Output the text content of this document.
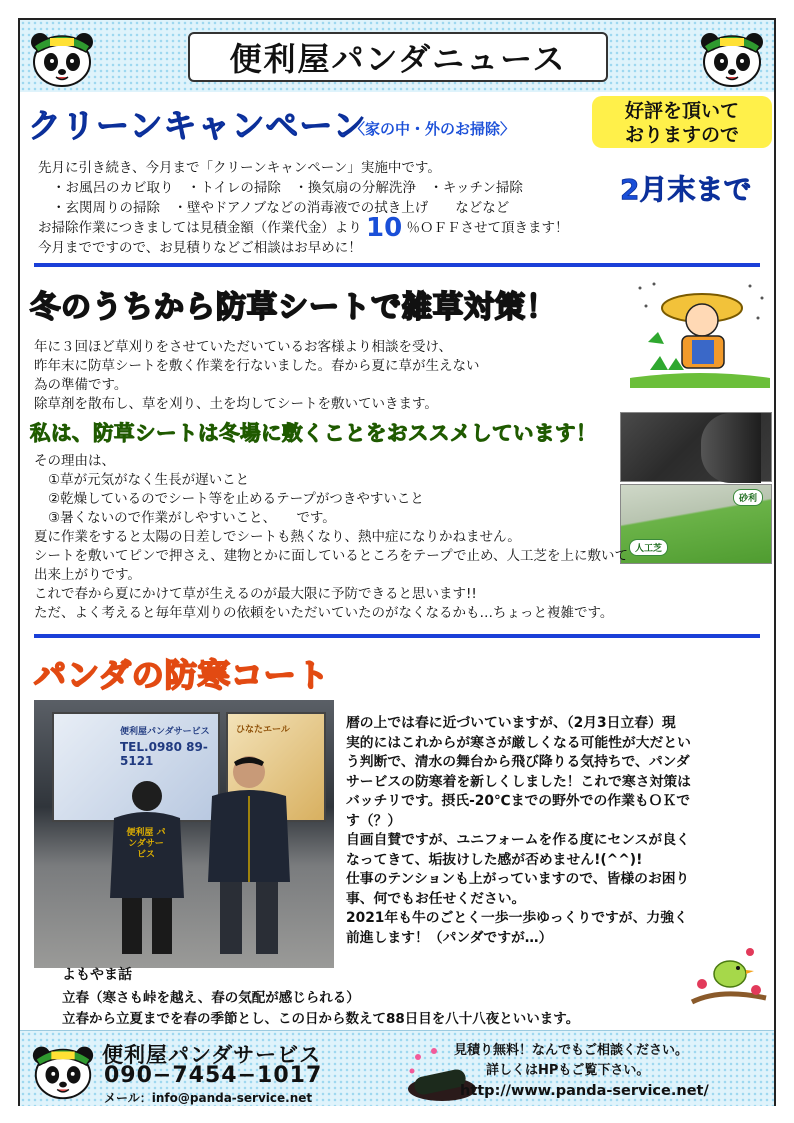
便利屋パンダニュース
クリーンキャンペーン
〈家の中・外のお掃除〉
好評を頂いて
おりますので
2月末まで

先月に引き続き、今月まで「クリーンキャンペーン」実施中です。

・お風呂のカビ取り　・トイレの掃除　・換気扇の分解洗浄　・キッチン掃除

・玄関周りの掃除　・壁やドアノブなどの消毒液での拭き上げ　　などなど

お掃除作業につきましては見積金額（作業代金）より 10 ％ＯＦＦさせて頂きます！

今月までですので、お見積りなどご相談はお早めに！

冬のうちから防草シートで雑草対策！

年に３回ほど草刈りをさせていただいているお客様より相談を受け、

昨年末に防草シートを敷く作業を行ないました。春から夏に草が生えない

為の準備です。

除草剤を散布し、草を刈り、土を均してシートを敷いていきます。

私は、防草シートは冬場に敷くことをおススメしています！
砂利
人工芝

その理由は、

①草が元気がなく生長が遅いこと

②乾燥しているのでシート等を止めるテープがつきやすいこと

③暑くないので作業がしやすいこと、　　です。

夏に作業をすると太陽の日差しでシートも熱くなり、熱中症になりかねません。

シートを敷いてピンで押さえ、建物とかに面しているところをテープで止め、人工芝を上に敷いて

出来上がりです。

これで春から夏にかけて草が生えるのが最大限に予防できると思います!!

ただ、よく考えると毎年草刈りの依頼をいただいていたのがなくなるかも…ちょっと複雑です。

パンダの防寒コート
便利屋パンダサービス
TEL.0980 89-5121
ひなたエール
便利屋 パンダサービス

暦の上では春に近づいていますが、（2月3日立春）現

実的にはこれからが寒さが厳しくなる可能性が大だとい

う判断で、清水の舞台から飛び降りる気持ちで、パンダ

サービスの防寒着を新しくしました！これで寒さ対策は

バッチリです。摂氏-20℃までの野外での作業もＯＫで

す（？）

自画自賛ですが、ユニフォームを作る度にセンスが良く

なってきて、垢抜けした感が否めません!(^^)!

仕事のテンションも上がっていますので、皆様のお困り

事、何でもお任せください。

2021年も牛のごとく一歩一歩ゆっくりですが、力強く

前進します！（パンダですが…）

よもやま話
立春（寒さも峠を越え、春の気配が感じられる）
立春から立夏までを春の季節とし、この日から数えて88日目を八十八夜といいます。
便利屋パンダサービス
090−7454−1017
メール：info@panda-service.net
見積り無料！なんでもご相談ください。
詳しくはHPもご覧下さい。
http://www.panda-service.net/
